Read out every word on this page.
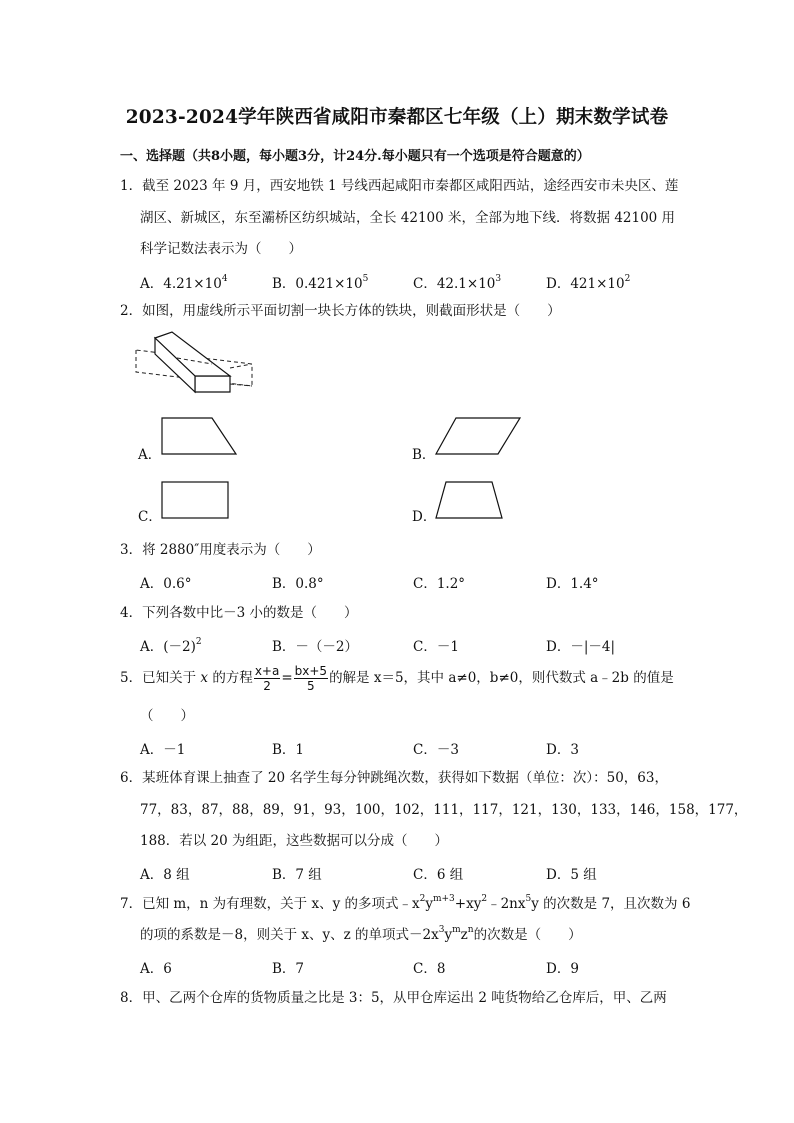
2023-2024学年陕西省咸阳市秦都区七年级（上）期末数学试卷
一、选择题（共8小题，每小题3分，计24分.每小题只有一个选项是符合题意的）
1．截至 2023 年 9 月，西安地铁 1 号线西起咸阳市秦都区咸阳西站，途经西安市未央区、莲
湖区、新城区，东至灞桥区纺织城站，全长 42100 米，全部为地下线．将数据 42100 用
科学记数法表示为（　　）
A．$4.21\times 10^4$	B．$0.421\times 10^5$	C．$42.1\times 10^3$	D．$421\times 10^2$
2．如图，用虚线所示平面切割一块长方体的铁块，则截面形状是（　　）
A．	B．
C．	D．
3．将 2880″用度表示为（　　）
A．0.6°	B．0.8°	C．1.2°	D．1.4°
4．下列各数中比－3 小的数是（　　）
A．$(-2)^2$	B．－（－2）	C．－1	D．－|－4|
5．已知关于
x
的方程 $\frac{x+a}{2} = \frac{bx+5}{5}$ 的解是 x＝5，其中 a≠0，b≠0，则代数式 a﹣2b 的值是
（　　）
A．－1	B．1	C．－3	D．3
6．某班体育课上抽查了 20 名学生每分钟跳绳次数，获得如下数据（单位：次）：50，63，
77，83，87，88，89，91，93，100，102，111，117，121，130，133，146，158，177，
188．若以 20 为组距，这些数据可以分成（　　）
A．8 组	B．7 组	C．6 组	D．5 组
7．已知 m，n 为有理数，关于 x、y 的多项式$﹣x^2y^{m+3}+xy^2﹣2nx^5y$ 的次数是 7，且次数为 6
的项的系数是－8，则关于 x、y、z 的单项式$-2x^3y^mz^n$的次数是（　　）
A．6	B．7	C．8	D．9
8．甲、乙两个仓库的货物质量之比是 3：5，从甲仓库运出 2 吨货物给乙仓库后，甲、乙两
